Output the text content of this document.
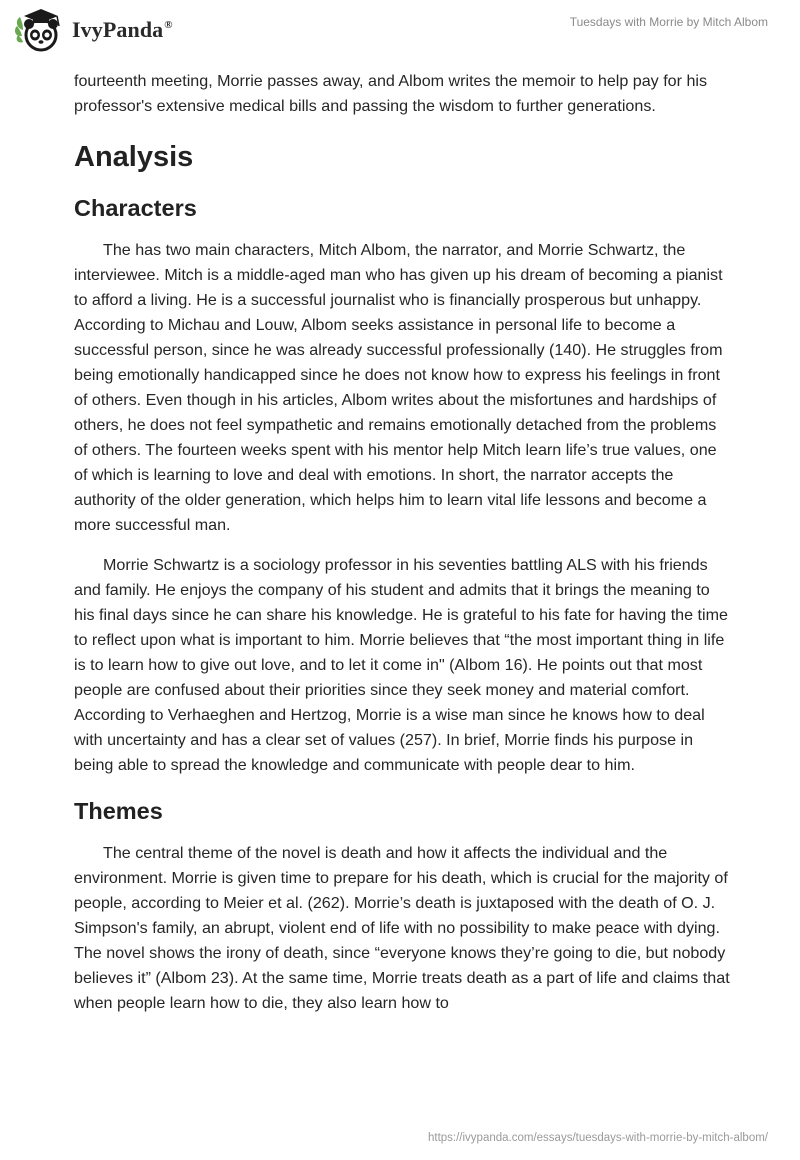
IvyPanda®	Tuesdays with Morrie by Mitch Albom

fourteenth meeting, Morrie passes away, and Albom writes the memoir to help pay for his professor's extensive medical bills and passing the wisdom to further generations.

Analysis
Characters

The has two main characters, Mitch Albom, the narrator, and Morrie Schwartz, the interviewee. Mitch is a middle-aged man who has given up his dream of becoming a pianist to afford a living. He is a successful journalist who is financially prosperous but unhappy. According to Michau and Louw, Albom seeks assistance in personal life to become a successful person, since he was already successful professionally (140). He struggles from being emotionally handicapped since he does not know how to express his feelings in front of others. Even though in his articles, Albom writes about the misfortunes and hardships of others, he does not feel sympathetic and remains emotionally detached from the problems of others. The fourteen weeks spent with his mentor help Mitch learn life’s true values, one of which is learning to love and deal with emotions. In short, the narrator accepts the authority of the older generation, which helps him to learn vital life lessons and become a more successful man.

Morrie Schwartz is a sociology professor in his seventies battling ALS with his friends and family. He enjoys the company of his student and admits that it brings the meaning to his final days since he can share his knowledge. He is grateful to his fate for having the time to reflect upon what is important to him. Morrie believes that “the most important thing in life is to learn how to give out love, and to let it come in" (Albom 16). He points out that most people are confused about their priorities since they seek money and material comfort. According to Verhaeghen and Hertzog, Morrie is a wise man since he knows how to deal with uncertainty and has a clear set of values (257). In brief, Morrie finds his purpose in being able to spread the knowledge and communicate with people dear to him.

Themes

The central theme of the novel is death and how it affects the individual and the environment. Morrie is given time to prepare for his death, which is crucial for the majority of people, according to Meier et al. (262). Morrie’s death is juxtaposed with the death of O. J. Simpson's family, an abrupt, violent end of life with no possibility to make peace with dying. The novel shows the irony of death, since “everyone knows they’re going to die, but nobody believes it” (Albom 23). At the same time, Morrie treats death as a part of life and claims that when people learn how to die, they also learn how to

https://ivypanda.com/essays/tuesdays-with-morrie-by-mitch-albom/
